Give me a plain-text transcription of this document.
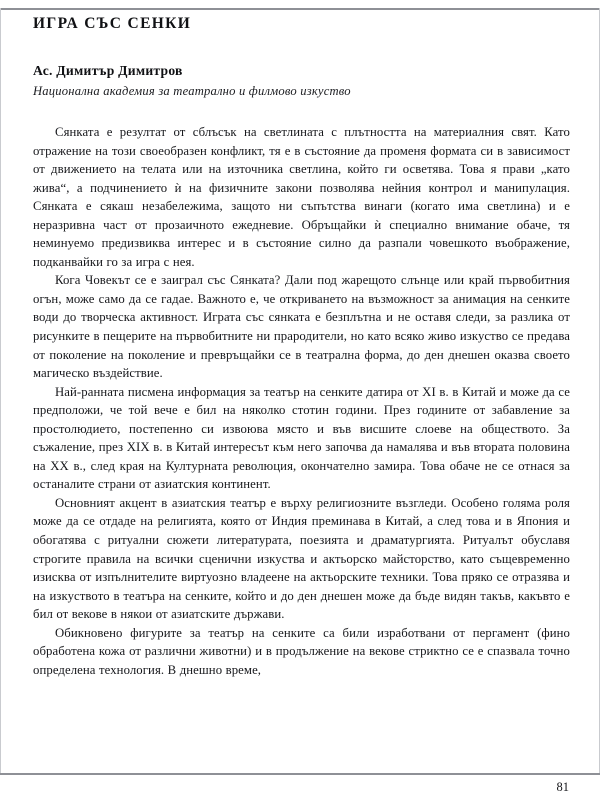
ИГРА СЪС СЕНКИ
Ас. Димитър Димитров
Национална академия за театрално и филмово изкуство

Сянката е резултат от сблъсък на светлината с плътността на материалния свят. Като отражение на този своеобразен конфликт, тя е в състояние да променя формата си в зависимост от движението на телата или на източника светлина, който ги осветява. Това я прави „като жива“, а подчинението ѝ на физичните закони позволява нейния контрол и манипулация. Сянката е сякаш незабележима, защото ни съпътства винаги (когато има светлина) и е неразривна част от прозаичното ежедневие. Обръщайки ѝ специално внимание обаче, тя неминуемо предизвиква интерес и в състояние силно да разпали човешкото въображение, подканвайки го за игра с нея.

Кога Човекът се е заиграл със Сянката? Дали под жарещото слънце или край първобитния огън, може само да се гадае. Важното е, че откриването на възможност за анимация на сенките води до творческа активност. Играта със сянката е безплътна и не оставя следи, за разлика от рисунките в пещерите на първобитните ни прародители, но като всяко живо изкуство се предава от поколение на поколение и превръщайки се в театрална форма, до ден днешен оказва своето магическо въздействие.

Най-ранната писмена информация за театър на сенките датира от XI в. в Китай и може да се предположи, че той вече е бил на няколко стотин години. През годините от забавление за простолюдието, постепенно си извоюва място и във висшите слоеве на обществото. За съжаление, през XIX в. в Китай интересът към него започва да намалява и във втората половина на XX в., след края на Културната революция, окончателно замира. Това обаче не се отнася за останалите страни от азиатския континент.

Основният акцент в азиатския театър е върху религиозните възгледи. Особено голяма роля може да се отдаде на религията, която от Индия преминава в Китай, а след това и в Япония и обогатява с ритуални сюжети литературата, поезията и драматургията. Ритуалът обуславя строгите правила на всички сценични изкуства и актьорско майсторство, като същевременно изисква от изпълнителите виртуозно владеене на актьорските техники. Това пряко се отразява и на изкуството в театъра на сенките, който и до ден днешен може да бъде видян такъв, какъвто е бил от векове в някои от азиатските държави.

Обикновено фигурите за театър на сенките са били изработвани от пергамент (фино обработена кожа от различни животни) и в продължение на векове стриктно се е спазвала точно определена технология. В днешно време,

81
